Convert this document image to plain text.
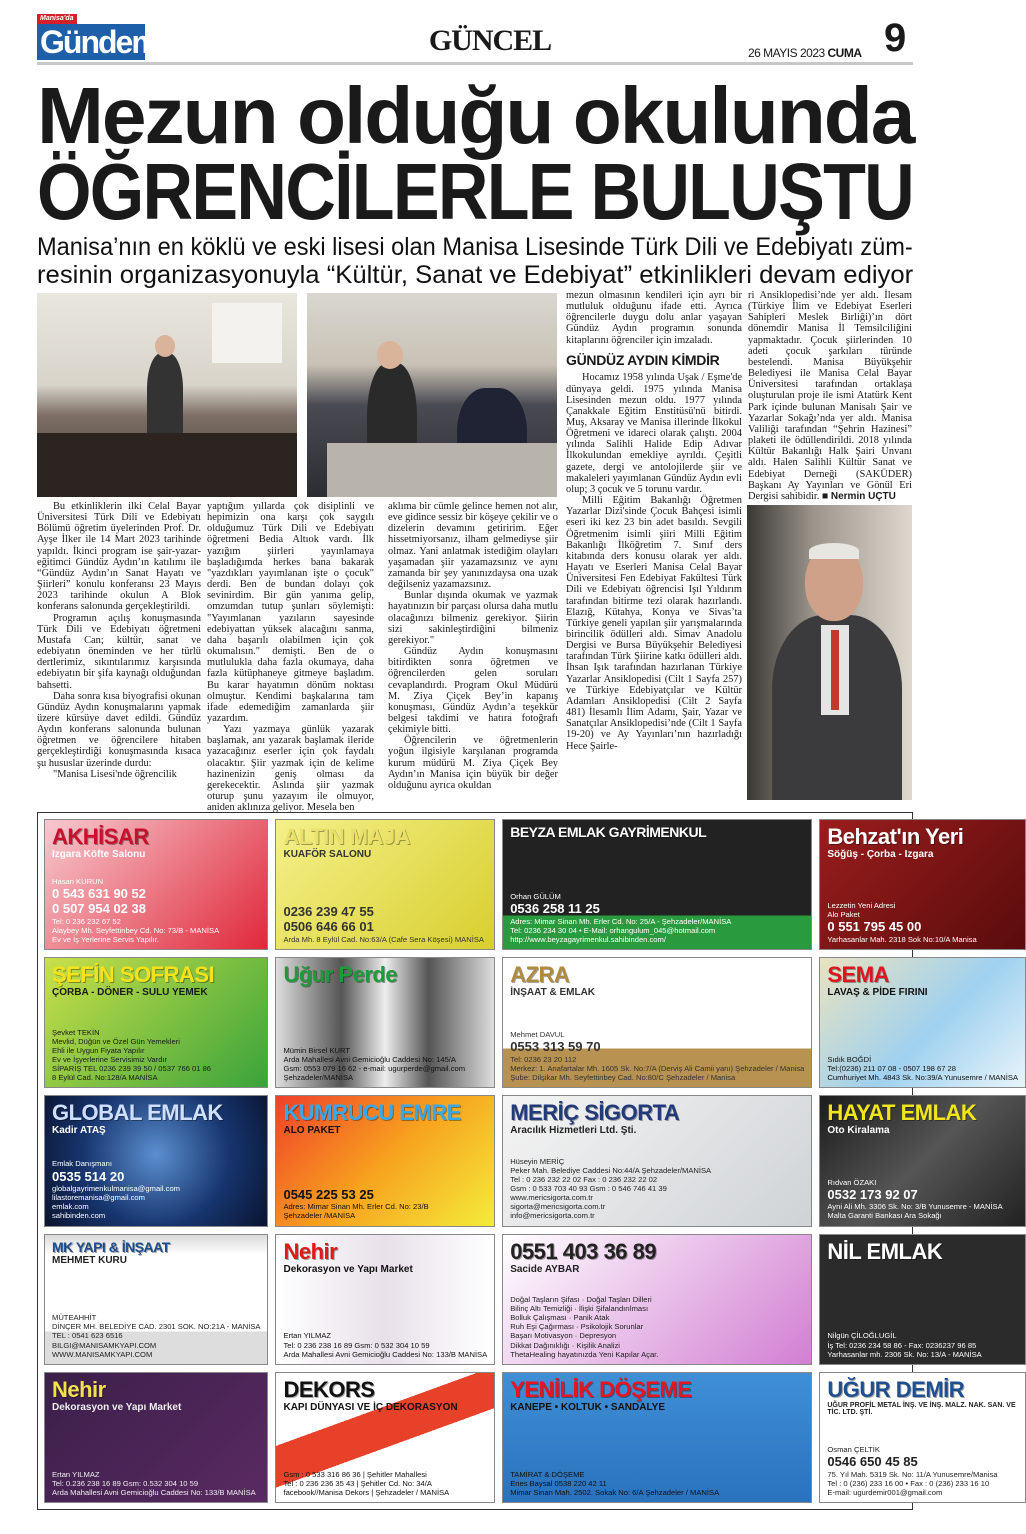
Manisa'da
Gündem	GÜNCEL	26 MAYIS 2023 CUMA 9
Mezun olduğu okulunda
ÖĞRENCİLERLE BULUŞTU
Manisa’nın en köklü ve eski lisesi olan Manisa Lisesinde Türk Dili ve Edebiyatı züm-
resinin organizasyonuyla “Kültür, Sanat ve Edebiyat” etkinlikleri devam ediyor

Bu etkinliklerin ilki Celal Bayar Üniversitesi Türk Dili ve Edebiyatı Bölümü öğretim üyelerinden Prof. Dr. Ayşe İlker ile 14 Mart 2023 tarihinde yapıldı. İkinci program ise şair-yazar-eğitimci Gündüz Aydın’ın katılımı ile “Gündüz Aydın’ın Sanat Hayatı ve Şiirleri” konulu konferansı 23 Mayıs 2023 tarihinde okulun A Blok konferans salonunda gerçekleştirildi.

Programın açılış konuşmasında Türk Dili ve Edebiyatı öğretmeni Mustafa Can; kültür, sanat ve edebiyatın öneminden ve her türlü dertlerimiz, sıkıntılarımız karşısında edebiyatın bir şifa kaynağı olduğundan bahsetti.

Daha sonra kısa biyografisi okunan Gündüz Aydın konuşmalarını yapmak üzere kürsüye davet edildi. Gündüz Aydın konferans salonunda bulunan öğretmen ve öğrencilere hitaben gerçekleştirdiği konuşmasında kısaca şu hususlar üzerinde durdu:

"Manisa Lisesi'nde öğrencilik

yaptığım yıllarda çok disiplinli ve hepimizin ona karşı çok saygılı olduğumuz Türk Dili ve Edebiyatı öğretmeni Bedia Altıok vardı. İlk yazığım şiirleri yayınlamaya başladığımda herkes bana bakarak "yazdıkları yayımlanan işte o çocuk" derdi. Ben de bundan dolayı çok sevinirdim. Bir gün yanıma gelip, omzumdan tutup şunları söylemişti: "Yayımlanan yazıların sayesinde edebiyattan yüksek alacağını sanma, daha başarılı olabilmen için çok okumalısın." demişti. Ben de o mutlulukla daha fazla okumaya, daha fazla kütüphaneye gitmeye başladım. Bu karar hayatımın dönüm noktası olmuştur. Kendimi başkalarına tam ifade edemediğim zamanlarda şiir yazardım.

Yazı yazmaya günlük yazarak başlamak, anı yazarak başlamak ileride yazacağınız eserler için çok faydalı olacaktır. Şiir yazmak için de kelime hazinenizin geniş olması da gerekecektir. Aslında şiir yazmak oturup şunu yazayım ile olmuyor, aniden aklınıza geliyor. Mesela ben

aklıma bir cümle gelince hemen not alır, eve gidince sessiz bir köşeye çekilir ve o dizelerin devamını getiririm. Eğer hissetmiyorsanız, ilham gelmediyse şiir olmaz. Yani anlatmak istediğim olayları yaşamadan şiir yazamazsınız ve aynı zamanda bir şey yanınızdaysa ona uzak değilseniz yazamazsınız.

Bunlar dışında okumak ve yazmak hayatınızın bir parçası olursa daha mutlu olacağınızı bilmeniz gerekiyor. Şiirin sizi sakinleştirdiğini bilmeniz gerekiyor."

Gündüz Aydın konuşmasını bitirdikten sonra öğretmen ve öğrencilerden gelen soruları cevaplandırdı. Program Okul Müdürü M. Ziya Çiçek Bey’in kapanış konuşması, Gündüz Aydın’a teşekkür belgesi takdimi ve hatıra fotoğrafı çekimiyle bitti.

Öğrencilerin ve öğretmenlerin yoğun ilgisiyle karşılanan programda kurum müdürü M. Ziya Çiçek Bey Aydın’ın Manisa için büyük bir değer olduğunu ayrıca okuldan

mezun olmasının kendileri için ayrı bir mutluluk olduğunu ifade etti. Ayrıca öğrencilerle duygu dolu anlar yaşayan Gündüz Aydın programın sonunda kitaplarını öğrenciler için imzaladı.

GÜNDÜZ AYDIN KİMDİR

Hocamız 1958 yılında Uşak / Eşme'de dünyaya geldi. 1975 yılında Manisa Lisesinden mezun oldu. 1977 yılında Çanakkale Eğitim Enstitüsü'nü bitirdi. Muş, Aksaray ve Manisa illerinde İlkokul Öğretmeni ve idareci olarak çalıştı. 2004 yılında Salihli Halide Edip Adıvar İlkokulundan emekliye ayrıldı. Çeşitli gazete, dergi ve antolojilerde şiir ve makaleleri yayımlanan Gündüz Aydın evli olup; 3 çocuk ve 5 torunu vardır.

Milli Eğitim Bakanlığı Öğretmen Yazarlar Dizi'sinde Çocuk Bahçesi isimli eseri iki kez 23 bin adet basıldı. Sevgili Öğretmenim isimli şiiri Milli Eğitim Bakanlığı İlköğretim 7. Sınıf ders kitabında ders konusu olarak yer aldı. Hayatı ve Eserleri Manisa Celal Bayar Üniversitesi Fen Edebiyat Fakültesi Türk Dili ve Edebiyatı öğrencisi Işıl Yıldırım tarafından bitirme tezi olarak hazırlandı. Elazığ, Kütahya, Konya ve Sivas’ta Türkiye geneli yapılan şiir yarışmalarında birincilik ödülleri aldı. Simav Anadolu Dergisi ve Bursa Büyükşehir Belediyesi tarafından Türk Şiirine katkı ödülleri aldı. İhsan Işık tarafından hazırlanan Türkiye Yazarlar Ansiklopedisi (Cilt 1 Sayfa 257) ve Türkiye Edebiyatçılar ve Kültür Adamları Ansiklopedisi (Cilt 2 Sayfa 481) İlesamlı İlim Adamı, Şair, Yazar ve Sanatçılar Ansiklopedisi’nde (Cilt 1 Sayfa 19-20) ve Ay Yayınları’nın hazırladığı Hece Şairle-

ri Ansiklopedisi’nde yer aldı. İlesam (Türkiye İlim ve Edebiyat Eserleri Sahipleri Meslek Birliği)’ın dört dönemdir Manisa İl Temsilciliğini yapmaktadır. Çocuk şiirlerinden 10 adeti çocuk şarkıları türünde bestelendi. Manisa Büyükşehir Belediyesi ile Manisa Celal Bayar Üniversitesi tarafından ortaklaşa oluşturulan proje ile ismi Atatürk Kent Park içinde bulunan Manisalı Şair ve Yazarlar Sokağı’nda yer aldı. Manisa Valiliği tarafından “Şehrin Hazinesi” plaketi ile ödüllendirildi. 2018 yılında Kültür Bakanlığı Halk Şairi Unvanı aldı. Halen Salihli Kültür Sanat ve Edebiyat Derneği (SAKÜDER) Başkanı Ay Yayınları ve Gönül Eri Dergisi sahibidir. ■ Nermin UÇTU

AKHİSAR
Izgara Köfte Salonu
Hasan KURUN
0 543 631 90 52
0 507 954 02 38
Tel: 0 236 232 67 52
Alaybey Mh. Seyfettinbey Cd. No: 73/B - MANİSA
Ev ve İş Yerlerine Servis Yapılır.
ALTIN MAJA
KUAFÖR SALONU
0236 239 47 55
0506 646 66 01
Arda Mh. 8 Eylül Cad. No:63/A (Cafe Sera Köşesi) MANİSA
BEYZA EMLAK GAYRİMENKUL
Orhan GÜLÜM
0536 258 11 25
Adres: Mimar Sinan Mh. Erler Cd. No: 25/A - Şehzadeler/MANİSA
Tel: 0236 234 30 04 • E-Mail: orhangulum_045@hotmail.com
http://www.beyzagayrimenkul.sahibinden.com/
Behzat'ın Yeri
Söğüş - Çorba - Izgara
Lezzetin Yeni Adresi
Alo Paket
0 551 795 45 00
Yarhasanlar Mah. 2318 Sok No:10/A Manisa
ŞEFİN SOFRASI
ÇORBA - DÖNER - SULU YEMEK
Şevket TEKİN
Mevlid, Düğün ve Özel Gün Yemekleri
Ehli ile Uygun Fiyata Yapılır
Ev ve İşyerlerine Servisimiz Vardır
SİPARİŞ TEL 0236 239 39 50 / 0537 766 01 86
8 Eylül Cad. No:128/A MANİSA
Uğur Perde
Mümin Birsel KURT
Arda Mahallesi Avni Gemicioğlu Caddesi No: 145/A
Gsm: 0553 079 16 62 - e-mail: ugurperde@gmail.com
Şehzadeler/MANİSA
AZRA
İNŞAAT & EMLAK
Mehmet DAVUL
0553 313 59 70
Tel: 0236 23 20 112
Merkez: 1. Anafartalar Mh. 1605 Sk. No:7/A (Derviş Ali Camii yanı) Şehzadeler / Manisa
Şube: Dilşikar Mh. Seyfettinbey Cad. No:80/C Şehzadeler / Manisa
SEMA
LAVAŞ & PİDE FIRINI
Sıdık BOĞDİ
Tel:(0236) 211 07 08 - 0507 198 67 28
Cumhuriyet Mh. 4843 Sk. No:39/A Yunusemre / MANİSA
GLOBAL EMLAK
Kadir ATAŞ
Emlak Danışmanı
0535 514 20
globalgayrimenkulmanisa@gmail.com
lilastoremanisa@gmail.com
emlak.com
sahibinden.com
KUMRUCU EMRE
ALO PAKET
0545 225 53 25
Adres: Mimar Sinan Mh. Erler Cd. No: 23/B
Şehzadeler /MANİSA
MERİÇ SİGORTA
Aracılık Hizmetleri Ltd. Şti.
Hüseyin MERİÇ
Peker Mah. Belediye Caddesi No:44/A Şehzadeler/MANİSA
Tel : 0 236 232 22 02 Fax : 0 236 232 22 02
Gsm : 0 533 703 40 93 Gsm : 0 546 746 41 39
www.mericsigorta.com.tr
sigorta@mericsigorta.com.tr
info@mericsigorta.com.tr
HAYAT EMLAK
Oto Kiralama
Rıdvan ÖZAKI
0532 173 92 07
Ayni Ali Mh. 3306 Sk. No: 3/B Yunusemre - MANİSA
Malta Garanti Bankası Ara Sokağı
MK YAPI & İNŞAAT
MEHMET KURU
MÜTEAHHİT
DİNÇER MH. BELEDİYE CAD. 2301 SOK. NO:21A - MANİSA
TEL : 0541 623 6516
BILGI@MANISAMKYAPI.COM
WWW.MANISAMKYAPI.COM
Nehir
Dekorasyon ve Yapı Market
Ertan YILMAZ
Tel: 0 236 238 16 89 Gsm: 0 532 304 10 59
Arda Mahallesi Avni Gemicioğlu Caddesi No: 133/B MANİSA
0551 403 36 89
Sacide AYBAR
Doğal Taşların Şifası · Doğal Taşları Dilleri
Bilinç Altı Temizliği · İlişki Şifalandırılması
Bolluk Çalışması · Panik Atak
Ruh Eşi Çağırması · Psikolojik Sorunlar
Başarı Motivasyon · Depresyon
Dikkat Dağınıklığı · Kişilik Analizi
ThetaHealing hayatınızda Yeni Kapılar Açar.
NİL EMLAK
Nilgün ÇİLOĞLUGİL
İş Tel: 0236 234 58 86 - Fax: 0236237 96 85
Yarhasanlar mh. 2306 Sk. No: 13/A - MANİSA
Nehir
Dekorasyon ve Yapı Market
Ertan YILMAZ
Tel: 0.236 238 16 89 Gsm: 0.532 304 10 59
Arda Mahallesi Avni Gemicioğlu Caddesi No: 133/B MANİSA
DEKORS
KAPI DÜNYASI VE İÇ DEKORASYON
Gsm : 0 533 316 86 36 | Şehitler Mahallesi
Tel : 0 236 236 35 43 | Şehitler Cd. No: 34/A
facebook//Manisa Dekors | Şehzadeler / MANİSA
YENİLİK DÖŞEME
KANEPE • KOLTUK • SANDALYE
TAMİRAT & DÖŞEME
Enes Baysal 0538 220 42 11
Mimar Sinan Mah. 2502. Sokak No: 6/A Şehzadeler / MANİSA
UĞUR DEMİR
UĞUR PROFİL METAL İNŞ. VE İNŞ. MALZ. NAK. SAN. VE TİC. LTD. ŞTİ.
Osman ÇELTİK
0546 650 45 85
75. Yıl Mah. 5319 Sk. No: 11/A Yunusemre/Manisa
Tel : 0 (236) 233 16 00 • Fax : 0 (236) 233 16 10
E-mail: ugurdemir001@gmail.com
